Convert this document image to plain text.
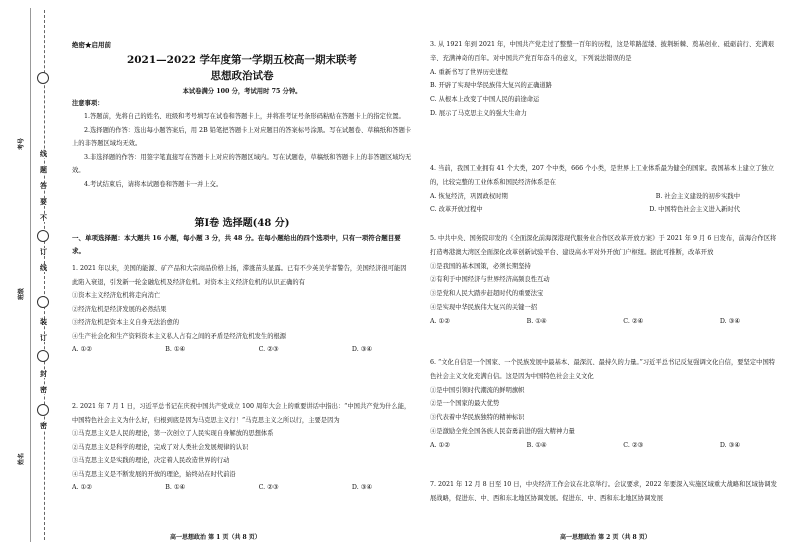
考号
班级
姓名
线
题
答
要
不
订
线
装
订
封
密
密
绝密★启用前
2021—2022 学年度第一学期五校高一期末联考
思想政治试卷
本试卷满分 100 分，考试用时 75 分钟。
注意事项：

1.答题前，先将自己的姓名、班级和考号填写在试卷和答题卡上，并将准考证号条形码粘贴在答题卡上的指定位置。

2.选择题的作答：选出每小题答案后，用 2B 铅笔把答题卡上对应题目的答案标号涂黑。写在试题卷、草稿纸和答题卡上的非答题区域均无效。

3.非选择题的作答：用签字笔直接写在答题卡上对应的答题区域内。写在试题卷，草稿纸和答题卡上的非答题区域均无效。

4.考试结束后，请将本试题卷和答题卡一并上交。

第Ⅰ卷 选择题(48 分)
一、单项选择题：本大题共 16 小题，每小题 3 分，共 48 分。在每小题给出的四个选项中，只有一项符合题目要求。

1. 2021 年以来，美国的能源、矿产品和大宗商品价格上扬，滞涨苗头显露。已有不少英美学者警告，美国经济很可能因此陷入衰退，引发新一轮金融危机及经济危机。对资本主义经济危机的认识正确的有

①资本主义经济危机将走向消亡

②经济危机是经济发展的必然结果

③经济危机是资本主义自身无法治愈的

④生产社会化和生产资料资本主义私人占有之间的矛盾是经济危机发生的根源

A. ①②	B. ①④	C. ②③	D. ③④

2. 2021 年 7 月 1 日，习近平总书记在庆祝中国共产党成立 100 周年大会上的重要讲话中指出：“中国共产党为什么能，中国特色社会主义为什么好，归根到底是因为马克思主义行！”马克思主义之所以行，主要是因为

①马克思主义是人民的理论，第一次创立了人民实现自身解放的思想体系

②马克思主义是科学的理论，完成了对人类社会发展规律的认识

③马克思主义是实践的理论，决定着人民改造世界的行动

④马克思主义是不断发展的开放的理论，始终站在时代前沿

A. ①②	B. ①④	C. ②③	D. ③④

3. 从 1921 年到 2021 年，中国共产党走过了整整一百年的历程，这是筚路蓝缕、披荆斩棘、奠基创业、砥砺前行、充满艰辛、充满神奇的百年。对中国共产党百年奋斗的意义，下列说法错误的是

A. 重新书写了世界历史进程

B. 开辟了实现中华民族伟大复兴的正确道路

C. 从根本上改变了中国人民的前途命运

D. 展示了马克思主义的强大生命力

4. 当前，我国工业拥有 41 个大类，207 个中类，666 个小类，是世界上工业体系最为健全的国家。我国基本上建立了独立的，比较完整的工业体系和国民经济体系是在

A. 恢复经济，巩固政权时期	B. 社会主义建设的初步实践中
C. 改革开放过程中	D. 中国特色社会主义进入新时代

5. 中共中央、国务院印发的《全面深化前海深港现代服务业合作区改革开放方案》于 2021 年 9 月 6 日发布，前海合作区将打造粤港澳大湾区全面深化改革创新试验平台、建设高水平对外开放门户枢纽。据此可推断，改革开放

①是我国的基本国策，必须长期坚持

②有利于中国经济与世界经济高频良性互动

③是党和人民大踏步赶超时代的重要法宝

④是实现中华民族伟大复兴的关键一招

A. ①②	B. ①④	C. ②④	D. ③④

6. “文化自信是一个国家、一个民族发展中最基本、最深沉、最持久的力量。”习近平总书记反复强调文化自信，要坚定中国特色社会主义文化充满自信。这是因为中国特色社会主义文化

①是中国引领时代潮流的鲜明旗帜

②是一个国家的最大优势

③代表着中华民族独特的精神标识

④是激励全党全国各族人民奋勇前进的强大精神力量

A. ①②	B. ①④	C. ②③	D. ③④

7. 2021 年 12 月 8 日至 10 日，中央经济工作会议在北京举行。会议要求，2022 年要深入实施区域重大战略和区域协调发展战略，促进东、中、西和东北地区协调发展。促进东、中、西和东北地区协调发展

高一思想政治 第 1 页（共 8 页）	高一思想政治 第 2 页（共 8 页）
